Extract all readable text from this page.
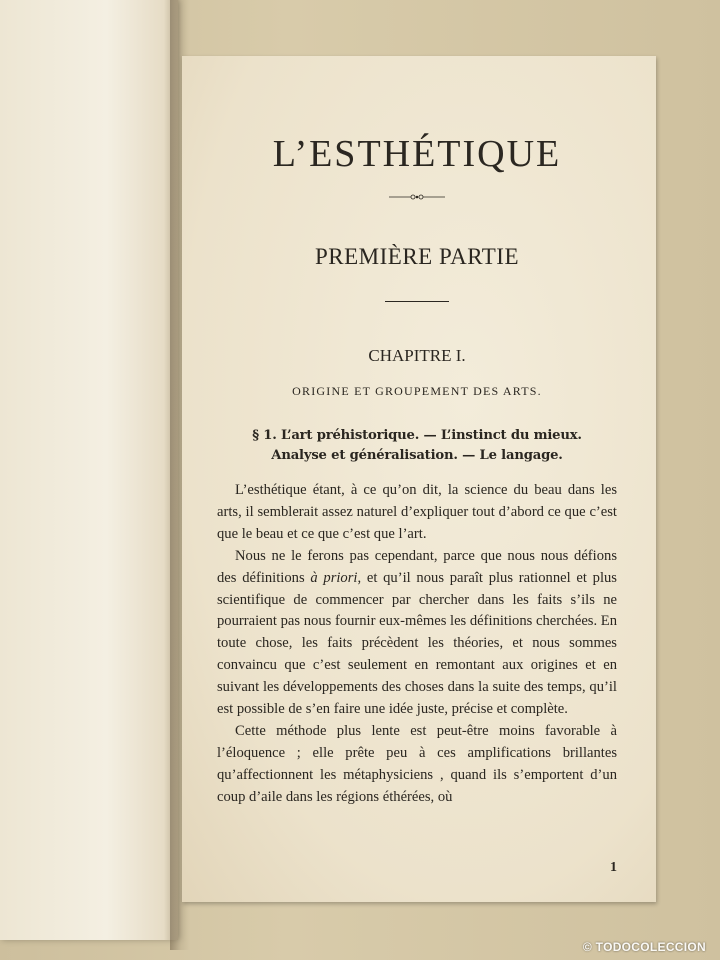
L’ESTHÉTIQUE
PREMIÈRE PARTIE
CHAPITRE I.
ORIGINE ET GROUPEMENT DES ARTS.
§ 1. L’art préhistorique. — L’instinct du mieux.
Analyse et généralisation. — Le langage.

L’esthétique étant, à ce qu’on dit, la science du beau dans les arts, il semblerait assez naturel d’expliquer tout d’abord ce que c’est que le beau et ce que c’est que l’art.

Nous ne le ferons pas cependant, parce que nous nous défions des définitions à priori, et qu’il nous paraît plus rationnel et plus scientifique de commencer par chercher dans les faits s’ils ne pourraient pas nous fournir eux-mêmes les définitions cherchées. En toute chose, les faits précèdent les théories, et nous sommes convaincu que c’est seulement en remontant aux origines et en suivant les développements des choses dans la suite des temps, qu’il est possible de s’en faire une idée juste, précise et complète.

Cette méthode plus lente est peut-être moins favorable à l’éloquence ; elle prête peu à ces amplifications brillantes qu’affectionnent les métaphysiciens , quand ils s’emportent d’un coup d’aile dans les régions éthérées, où

1
© TODOCOLECCION
